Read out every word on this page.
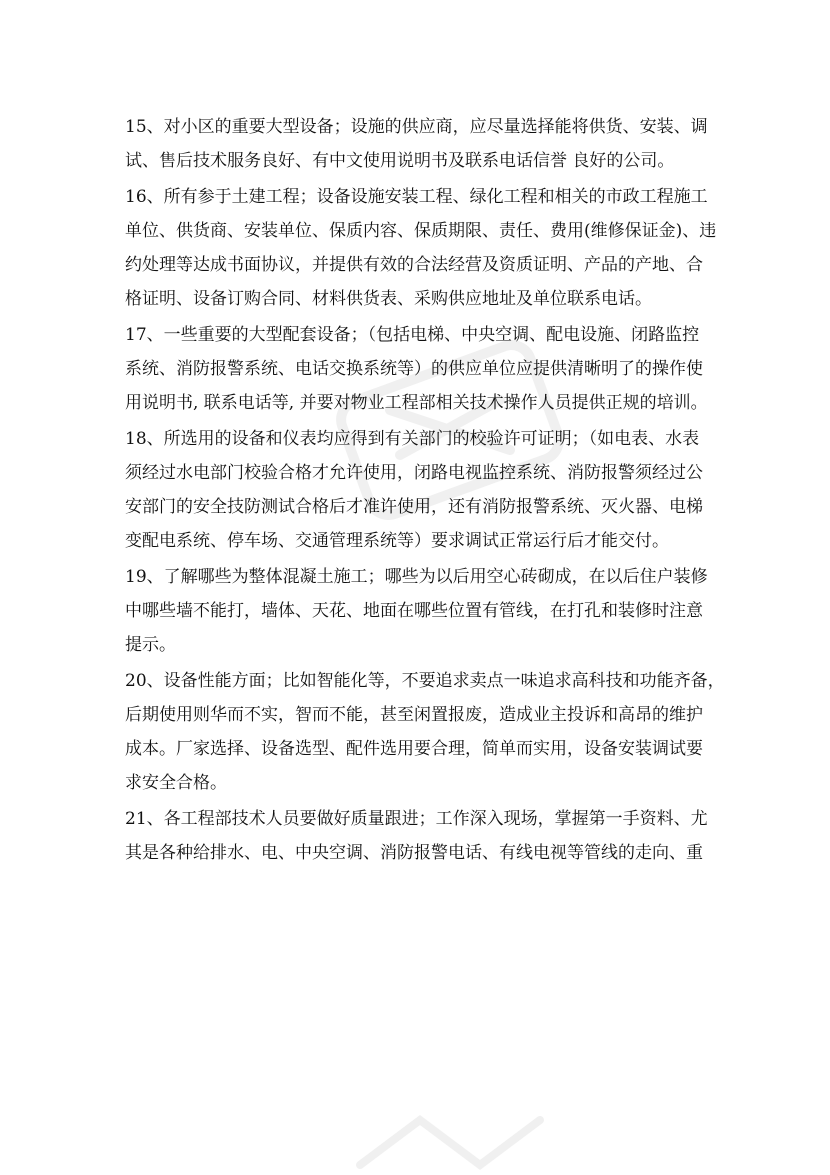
15、对小区的重要大型设备；设施的供应商，应尽量选择能将供货、安装、调
试、售后技术服务良好、有中文使用说明书及联系电话信誉 良好的公司。

16、所有参于土建工程；设备设施安装工程、绿化工程和相关的市政工程施工
单位、供货商、安装单位、保质内容、保质期限、责任、费用(维修保证金)、违
约处理等达成书面协议，并提供有效的合法经营及资质证明、产品的产地、合
格证明、设备订购合同、材料供货表、采购供应地址及单位联系电话。

17、一些重要的大型配套设备；（包括电梯、中央空调、配电设施、闭路监控
系统、消防报警系统、电话交换系统等）的供应单位应提供清晰明了的操作使
用说明书, 联系电话等, 并要对物业工程部相关技术操作人员提供正规的培训。

18、所选用的设备和仪表均应得到有关部门的校验许可证明；（如电表、水表
须经过水电部门校验合格才允许使用，闭路电视监控系统、消防报警须经过公
安部门的安全技防测试合格后才准许使用，还有消防报警系统、灭火器、电梯
变配电系统、停车场、交通管理系统等）要求调试正常运行后才能交付。

19、了解哪些为整体混凝土施工；哪些为以后用空心砖砌成，在以后住户装修
中哪些墙不能打，墙体、天花、地面在哪些位置有管线，在打孔和装修时注意
提示。

20、设备性能方面；比如智能化等，不要追求卖点一味追求高科技和功能齐备，
后期使用则华而不实，智而不能，甚至闲置报废，造成业主投诉和高昂的维护
成本。厂家选择、设备选型、配件选用要合理，简单而实用，设备安装调试要
求安全合格。

21、各工程部技术人员要做好质量跟进；工作深入现场，掌握第一手资料、尤
其是各种给排水、电、中央空调、消防报警电话、有线电视等管线的走向、重
